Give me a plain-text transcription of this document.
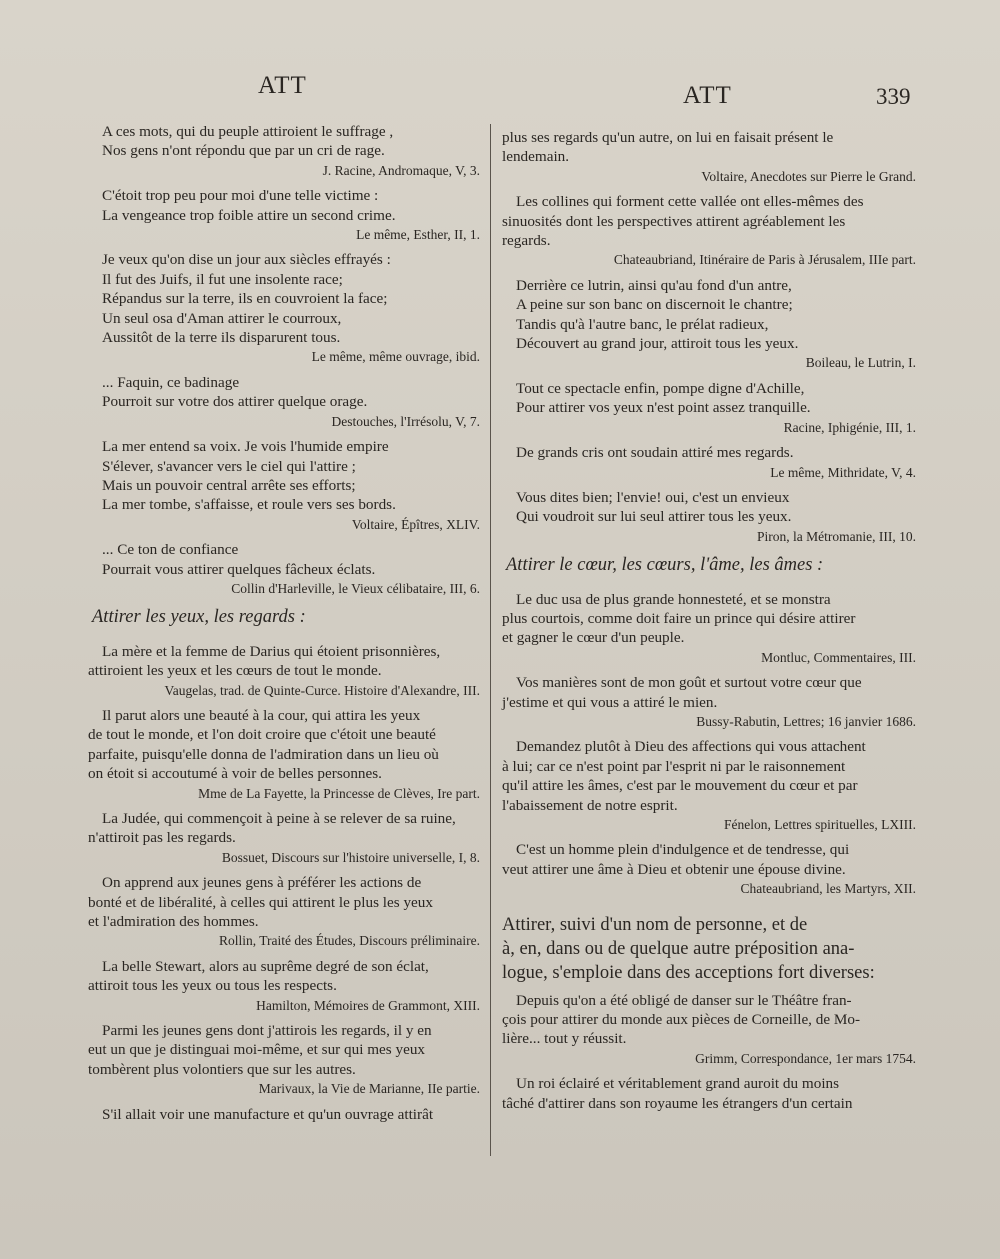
ATT	ATT	339
A ces mots, qui du peuple attiroient le suffrage ,
Nos gens n'ont répondu que par un cri de rage.
J. Racine, Andromaque, V, 3.
C'étoit trop peu pour moi d'une telle victime :
La vengeance trop foible attire un second crime.
Le même, Esther, II, 1.
Je veux qu'on dise un jour aux siècles effrayés :
Il fut des Juifs, il fut une insolente race;
Répandus sur la terre, ils en couvroient la face;
Un seul osa d'Aman attirer le courroux,
Aussitôt de la terre ils disparurent tous.
Le même, même ouvrage, ibid.
... Faquin, ce badinage
Pourroit sur votre dos attirer quelque orage.
Destouches, l'Irrésolu, V, 7.
La mer entend sa voix. Je vois l'humide empire
S'élever, s'avancer vers le ciel qui l'attire ;
Mais un pouvoir central arrête ses efforts;
La mer tombe, s'affaisse, et roule vers ses bords.
Voltaire, Épîtres, XLIV.
... Ce ton de confiance
Pourrait vous attirer quelques fâcheux éclats.
Collin d'Harleville, le Vieux célibataire, III, 6.
Attirer les yeux, les regards :
La mère et la femme de Darius qui étoient prisonnières,
attiroient les yeux et les cœurs de tout le monde.
Vaugelas, trad. de Quinte-Curce. Histoire d'Alexandre, III.
Il parut alors une beauté à la cour, qui attira les yeux
de tout le monde, et l'on doit croire que c'étoit une beauté
parfaite, puisqu'elle donna de l'admiration dans un lieu où
on étoit si accoutumé à voir de belles personnes.
Mme de La Fayette, la Princesse de Clèves, Ire part.
La Judée, qui commençoit à peine à se relever de sa ruine,
n'attiroit pas les regards.
Bossuet, Discours sur l'histoire universelle, I, 8.
On apprend aux jeunes gens à préférer les actions de
bonté et de libéralité, à celles qui attirent le plus les yeux
et l'admiration des hommes.
Rollin, Traité des Études, Discours préliminaire.
La belle Stewart, alors au suprême degré de son éclat,
attiroit tous les yeux ou tous les respects.
Hamilton, Mémoires de Grammont, XIII.
Parmi les jeunes gens dont j'attirois les regards, il y en
eut un que je distinguai moi-même, et sur qui mes yeux
tombèrent plus volontiers que sur les autres.
Marivaux, la Vie de Marianne, IIe partie.
S'il allait voir une manufacture et qu'un ouvrage attirât
plus ses regards qu'un autre, on lui en faisait présent le
lendemain.
Voltaire, Anecdotes sur Pierre le Grand.
Les collines qui forment cette vallée ont elles-mêmes des
sinuosités dont les perspectives attirent agréablement les
regards.
Chateaubriand, Itinéraire de Paris à Jérusalem, IIIe part.
Derrière ce lutrin, ainsi qu'au fond d'un antre,
A peine sur son banc on discernoit le chantre;
Tandis qu'à l'autre banc, le prélat radieux,
Découvert au grand jour, attiroit tous les yeux.
Boileau, le Lutrin, I.
Tout ce spectacle enfin, pompe digne d'Achille,
Pour attirer vos yeux n'est point assez tranquille.
Racine, Iphigénie, III, 1.
De grands cris ont soudain attiré mes regards.
Le même, Mithridate, V, 4.
Vous dites bien; l'envie! oui, c'est un envieux
Qui voudroit sur lui seul attirer tous les yeux.
Piron, la Métromanie, III, 10.
Attirer le cœur, les cœurs, l'âme, les âmes :
Le duc usa de plus grande honnesteté, et se monstra
plus courtois, comme doit faire un prince qui désire attirer
et gagner le cœur d'un peuple.
Montluc, Commentaires, III.
Vos manières sont de mon goût et surtout votre cœur que
j'estime et qui vous a attiré le mien.
Bussy-Rabutin, Lettres; 16 janvier 1686.
Demandez plutôt à Dieu des affections qui vous attachent
à lui; car ce n'est point par l'esprit ni par le raisonnement
qu'il attire les âmes, c'est par le mouvement du cœur et par
l'abaissement de notre esprit.
Fénelon, Lettres spirituelles, LXIII.
C'est un homme plein d'indulgence et de tendresse, qui
veut attirer une âme à Dieu et obtenir une épouse divine.
Chateaubriand, les Martyrs, XII.
Attirer, suivi d'un nom de personne, et de
à, en, dans ou de quelque autre préposition ana-
logue, s'emploie dans des acceptions fort diverses:
Depuis qu'on a été obligé de danser sur le Théâtre fran-
çois pour attirer du monde aux pièces de Corneille, de Mo-
lière... tout y réussit.
Grimm, Correspondance, 1er mars 1754.
Un roi éclairé et véritablement grand auroit du moins
tâché d'attirer dans son royaume les étrangers d'un certain
